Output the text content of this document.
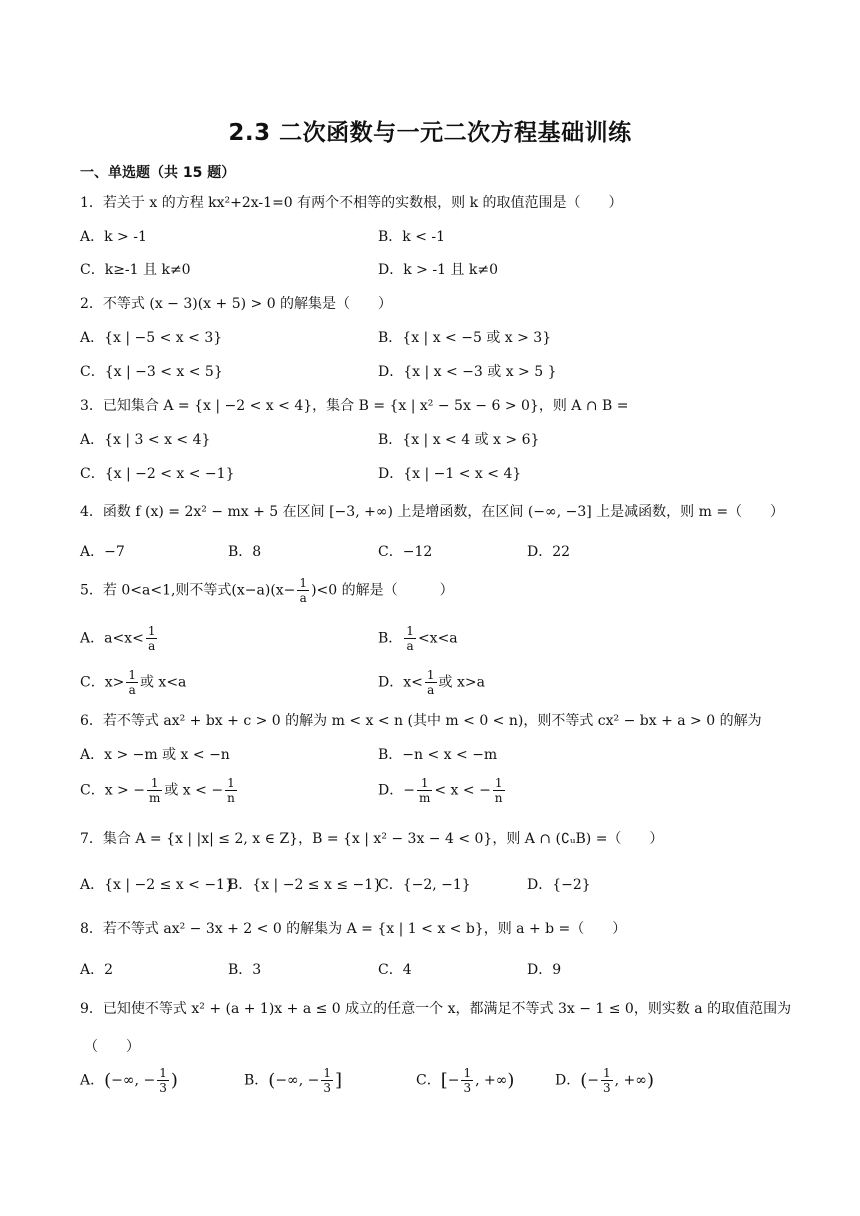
2.3 二次函数与一元二次方程基础训练
一、单选题（共 15 题）
1．若关于 x 的方程 kx²+2x-1=0 有两个不相等的实数根，则 k 的取值范围是（　　）
A．k > -1	B．k < -1
C．k≥-1 且 k≠0	D．k > -1 且 k≠0
2．不等式 (x − 3)(x + 5) > 0 的解集是（　　）
A．{x | −5 < x < 3}	B．{x | x < −5 或 x > 3}
C．{x | −3 < x < 5}	D．{x | x < −3 或 x > 5 }
3．已知集合 A = {x | −2 < x < 4}，集合 B = {x | x² − 5x − 6 > 0}，则 A ∩ B =
A．{x | 3 < x < 4}	B．{x | x < 4 或 x > 6}
C．{x | −2 < x < −1}	D．{x | −1 < x < 4}
4．函数 f (x) = 2x² − mx + 5 在区间 [−3, +∞) 上是增函数，在区间 (−∞, −3] 上是减函数，则 m =（　　）
A．−7	B．8	C．−12	D．22
5．若 0<a<1,则不等式$(x-a)(x- \frac{1}{a} )<0$ 的解是（　　　）
A．$a<x< \frac{1}{a}$	B． $\frac{1}{a} <x<a$
C．$x> \frac{1}{a}$ 或 x<a	D．$x< \frac{1}{a}$ 或 x>a
6．若不等式 ax² + bx + c > 0 的解为 m < x < n (其中 m < 0 < n)，则不等式 cx² − bx + a > 0 的解为
A．x > −m 或 x < −n	B．−n < x < −m
C．x > − $\frac{1}{m}$ 或 x < − $\frac{1}{n}$	D．− $\frac{1}{m} < x$ < − $\frac{1}{n}$
7．集合 A = {x | |x| ≤ 2, x ∈ Z}，B = {x | x² − 3x − 4 < 0}，则 A ∩ (∁ᵤB) =（　　）
A．{x | −2 ≤ x < −1}
B．{x | −2 ≤ x ≤ −1}
C．{−2, −1}	D．{−2}
8．若不等式 ax² − 3x + 2 < 0 的解集为 A = {x | 1 < x < b}，则 a + b =（　　）
A．2	B．3	C．4	D．9
9．已知使不等式 x² + (a + 1)x + a ≤ 0 成立的任意一个 x，都满足不等式 3x − 1 ≤ 0，则实数 a 的取值范围为
（　　）
A．(−∞, − $\frac{1}{3}$ )	B．(−∞, − $\frac{1}{3}$ ]	C．[− $\frac{1}{3}$ , +∞)	D．(− $\frac{1}{3}$ , +∞)
